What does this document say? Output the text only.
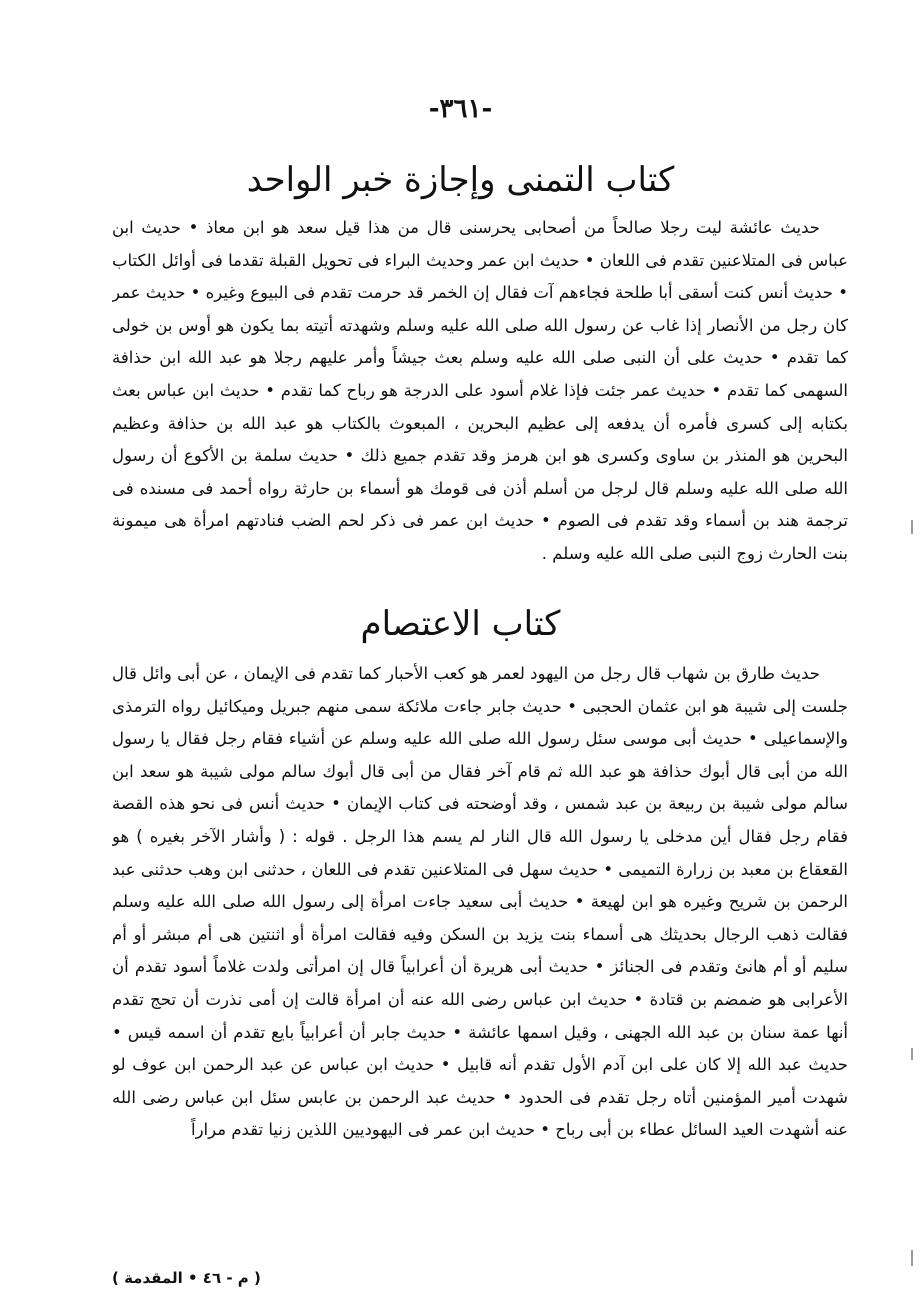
-٣٦١-
كتاب التمنى وإجازة خبر الواحد

حديث عائشة ليت رجلا صالحاً من أصحابى يحرسنى قال من هذا قيل سعد هو ابن معاذ • حديث ابن عباس فى المتلاعنين تقدم فى اللعان • حديث ابن عمر وحديث البراء فى تحويل القبلة تقدما فى أوائل الكتاب • حديث أنس كنت أسقى أبا طلحة فجاءهم آت فقال إن الخمر قد حرمت تقدم فى البيوع وغيره • حديث عمر كان رجل من الأنصار إذا غاب عن رسول الله صلى الله عليه وسلم وشهدته أتيته بما يكون هو أوس بن خولى كما تقدم • حديث على أن النبى صلى الله عليه وسلم بعث جيشاً وأمر عليهم رجلا هو عبد الله ابن حذافة السهمى كما تقدم • حديث عمر جئت فإذا غلام أسود على الدرجة هو رباح كما تقدم • حديث ابن عباس بعث بكتابه إلى كسرى فأمره أن يدفعه إلى عظيم البحرين ، المبعوث بالكتاب هو عبد الله بن حذافة وعظيم البحرين هو المنذر بن ساوى وكسرى هو ابن هرمز وقد تقدم جميع ذلك • حديث سلمة بن الأكوع أن رسول الله صلى الله عليه وسلم قال لرجل من أسلم أذن فى قومك هو أسماء بن حارثة رواه أحمد فى مسنده فى ترجمة هند بن أسماء وقد تقدم فى الصوم • حديث ابن عمر فى ذكر لحم الضب فنادتهم امرأة هى ميمونة بنت الحارث زوج النبى صلى الله عليه وسلم .

كتاب الاعتصام

حديث طارق بن شهاب قال رجل من اليهود لعمر هو كعب الأحبار كما تقدم فى الإيمان ، عن أبى وائل قال جلست إلى شيبة هو ابن عثمان الحجبى • حديث جابر جاءت ملائكة سمى منهم جبريل وميكائيل رواه الترمذى والإسماعيلى • حديث أبى موسى سئل رسول الله صلى الله عليه وسلم عن أشياء فقام رجل فقال يا رسول الله من أبى قال أبوك حذافة هو عبد الله ثم قام آخر فقال من أبى قال أبوك سالم مولى شيبة هو سعد ابن سالم مولى شيبة بن ربيعة بن عبد شمس ، وقد أوضحته فى كتاب الإيمان • حديث أنس فى نحو هذه القصة فقام رجل فقال أين مدخلى يا رسول الله قال النار لم يسم هذا الرجل . قوله : ( وأشار الآخر بغيره ) هو القعقاع بن معبد بن زرارة التميمى • حديث سهل فى المتلاعنين تقدم فى اللعان ، حدثنى ابن وهب حدثنى عبد الرحمن بن شريح وغيره هو ابن لهيعة • حديث أبى سعيد جاءت امرأة إلى رسول الله صلى الله عليه وسلم فقالت ذهب الرجال بحديثك هى أسماء بنت يزيد بن السكن وفيه فقالت امرأة أو اثنتين هى أم مبشر أو أم سليم أو أم هانئ وتقدم فى الجنائز • حديث أبى هريرة أن أعرابياً قال إن امرأتى ولدت غلاماً أسود تقدم أن الأعرابى هو ضمضم بن قتادة • حديث ابن عباس رضى الله عنه أن امرأة قالت إن أمى نذرت أن تحج تقدم أنها عمة سنان بن عبد الله الجهنى ، وقيل اسمها عائشة • حديث جابر أن أعرابياً بايع تقدم أن اسمه قيس • حديث عبد الله إلا كان على ابن آدم الأول تقدم أنه قابيل • حديث ابن عباس عن عبد الرحمن ابن عوف لو شهدت أمير المؤمنين أتاه رجل تقدم فى الحدود • حديث عبد الرحمن بن عابس سئل ابن عباس رضى الله عنه أشهدت العيد السائل عطاء بن أبى رباح • حديث ابن عمر فى اليهوديين اللذين زنيا تقدم مراراً

( م - ٤٦ • المقدمة )
